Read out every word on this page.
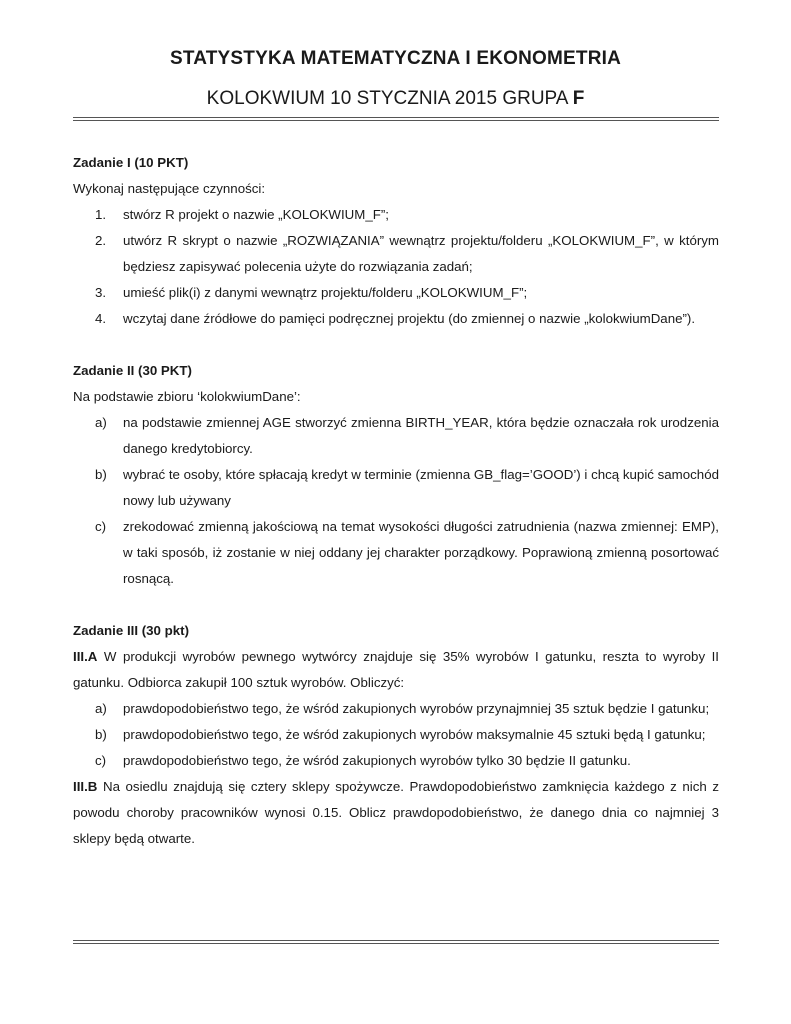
STATYSTYKA MATEMATYCZNA I EKONOMETRIA
KOLOKWIUM 10 STYCZNIA 2015 GRUPA F
Zadanie I (10 PKT)
Wykonaj następujące czynności:
1.	stwórz R projekt o nazwie „KOLOKWIUM_F”;
2.	utwórz R skrypt o nazwie „ROZWIĄZANIA” wewnątrz projektu/folderu „KOLOKWIUM_F”, w którym będziesz zapisywać polecenia użyte do rozwiązania zadań;
3.	umieść plik(i) z danymi wewnątrz projektu/folderu „KOLOKWIUM_F”;
4.	wczytaj dane źródłowe do pamięci podręcznej projektu (do zmiennej o nazwie „kolokwiumDane”).
Zadanie II (30 PKT)
Na podstawie zbioru ‘kolokwiumDane’:
a)	na podstawie zmiennej AGE stworzyć zmienna BIRTH_YEAR, która będzie oznaczała rok urodzenia danego kredytobiorcy.
b)	wybrać te osoby, które spłacają kredyt w terminie (zmienna GB_flag=’GOOD’) i chcą kupić samochód nowy lub używany
c)	zrekodować zmienną jakościową na temat wysokości długości zatrudnienia (nazwa zmiennej: EMP), w taki sposób, iż zostanie w niej oddany jej charakter porządkowy. Poprawioną zmienną posortować rosnącą.
Zadanie III (30 pkt)
III.A W produkcji wyrobów pewnego wytwórcy znajduje się 35% wyrobów I gatunku, reszta to wyroby II gatunku. Odbiorca zakupił 100 sztuk wyrobów. Obliczyć:
a)	prawdopodobieństwo tego, że wśród zakupionych wyrobów przynajmniej 35 sztuk będzie I gatunku;
b)	prawdopodobieństwo tego, że wśród zakupionych wyrobów maksymalnie 45 sztuki będą I gatunku;
c)	prawdopodobieństwo tego, że wśród zakupionych wyrobów tylko 30 będzie II gatunku.
III.B Na osiedlu znajdują się cztery sklepy spożywcze. Prawdopodobieństwo zamknięcia każdego z nich z powodu choroby pracowników wynosi 0.15. Oblicz prawdopodobieństwo, że danego dnia co najmniej 3 sklepy będą otwarte.
